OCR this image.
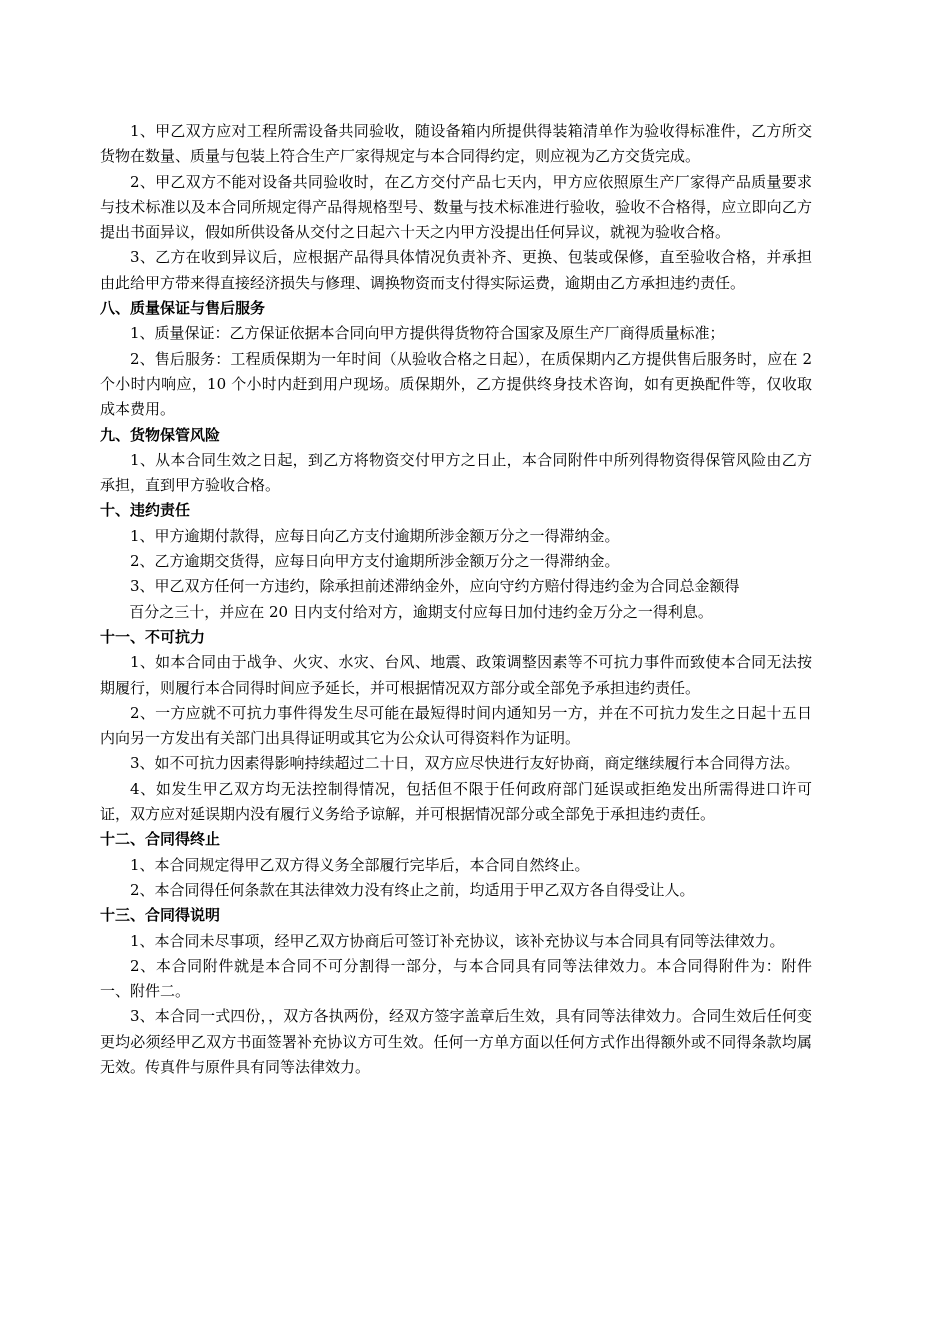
1、甲乙双方应对工程所需设备共同验收，随设备箱内所提供得装箱清单作为验收得标准件，乙方所交货物在数量、质量与包装上符合生产厂家得规定与本合同得约定，则应视为乙方交货完成。

2、甲乙双方不能对设备共同验收时，在乙方交付产品七天内，甲方应依照原生产厂家得产品质量要求与技术标准以及本合同所规定得产品得规格型号、数量与技术标准进行验收，验收不合格得，应立即向乙方提出书面异议，假如所供设备从交付之日起六十天之内甲方没提出任何异议，就视为验收合格。

3、乙方在收到异议后，应根据产品得具体情况负责补齐、更换、包装或保修，直至验收合格，并承担由此给甲方带来得直接经济损失与修理、调换物资而支付得实际运费，逾期由乙方承担违约责任。

八、质量保证与售后服务

1、质量保证：乙方保证依据本合同向甲方提供得货物符合国家及原生产厂商得质量标准；

2、售后服务：工程质保期为一年时间（从验收合格之日起），在质保期内乙方提供售后服务时，应在 2 个小时内响应，10 个小时内赶到用户现场。质保期外，乙方提供终身技术咨询，如有更换配件等，仅收取成本费用。

九、货物保管风险

1、从本合同生效之日起，到乙方将物资交付甲方之日止，本合同附件中所列得物资得保管风险由乙方承担，直到甲方验收合格。

十、违约责任

1、甲方逾期付款得，应每日向乙方支付逾期所涉金额万分之一得滞纳金。

2、乙方逾期交货得，应每日向甲方支付逾期所涉金额万分之一得滞纳金。

3、甲乙双方任何一方违约，除承担前述滞纳金外，应向守约方赔付得违约金为合同总金额得

百分之三十，并应在 20 日内支付给对方，逾期支付应每日加付违约金万分之一得利息。

十一、不可抗力

1、如本合同由于战争、火灾、水灾、台风、地震、政策调整因素等不可抗力事件而致使本合同无法按期履行，则履行本合同得时间应予延长，并可根据情况双方部分或全部免予承担违约责任。

2、一方应就不可抗力事件得发生尽可能在最短得时间内通知另一方，并在不可抗力发生之日起十五日内向另一方发出有关部门出具得证明或其它为公众认可得资料作为证明。

3、如不可抗力因素得影响持续超过二十日，双方应尽快进行友好协商，商定继续履行本合同得方法。

4、如发生甲乙双方均无法控制得情况，包括但不限于任何政府部门延误或拒绝发出所需得进口许可证，双方应对延误期内没有履行义务给予谅解，并可根据情况部分或全部免于承担违约责任。

十二、合同得终止

1、本合同规定得甲乙双方得义务全部履行完毕后，本合同自然终止。

2、本合同得任何条款在其法律效力没有终止之前，均适用于甲乙双方各自得受让人。

十三、合同得说明

1、本合同未尽事项，经甲乙双方协商后可签订补充协议，该补充协议与本合同具有同等法律效力。

2、本合同附件就是本合同不可分割得一部分，与本合同具有同等法律效力。本合同得附件为：附件一、附件二。

3、本合同一式四份，，双方各执两份，经双方签字盖章后生效，具有同等法律效力。合同生效后任何变更均必须经甲乙双方书面签署补充协议方可生效。任何一方单方面以任何方式作出得额外或不同得条款均属无效。传真件与原件具有同等法律效力。
